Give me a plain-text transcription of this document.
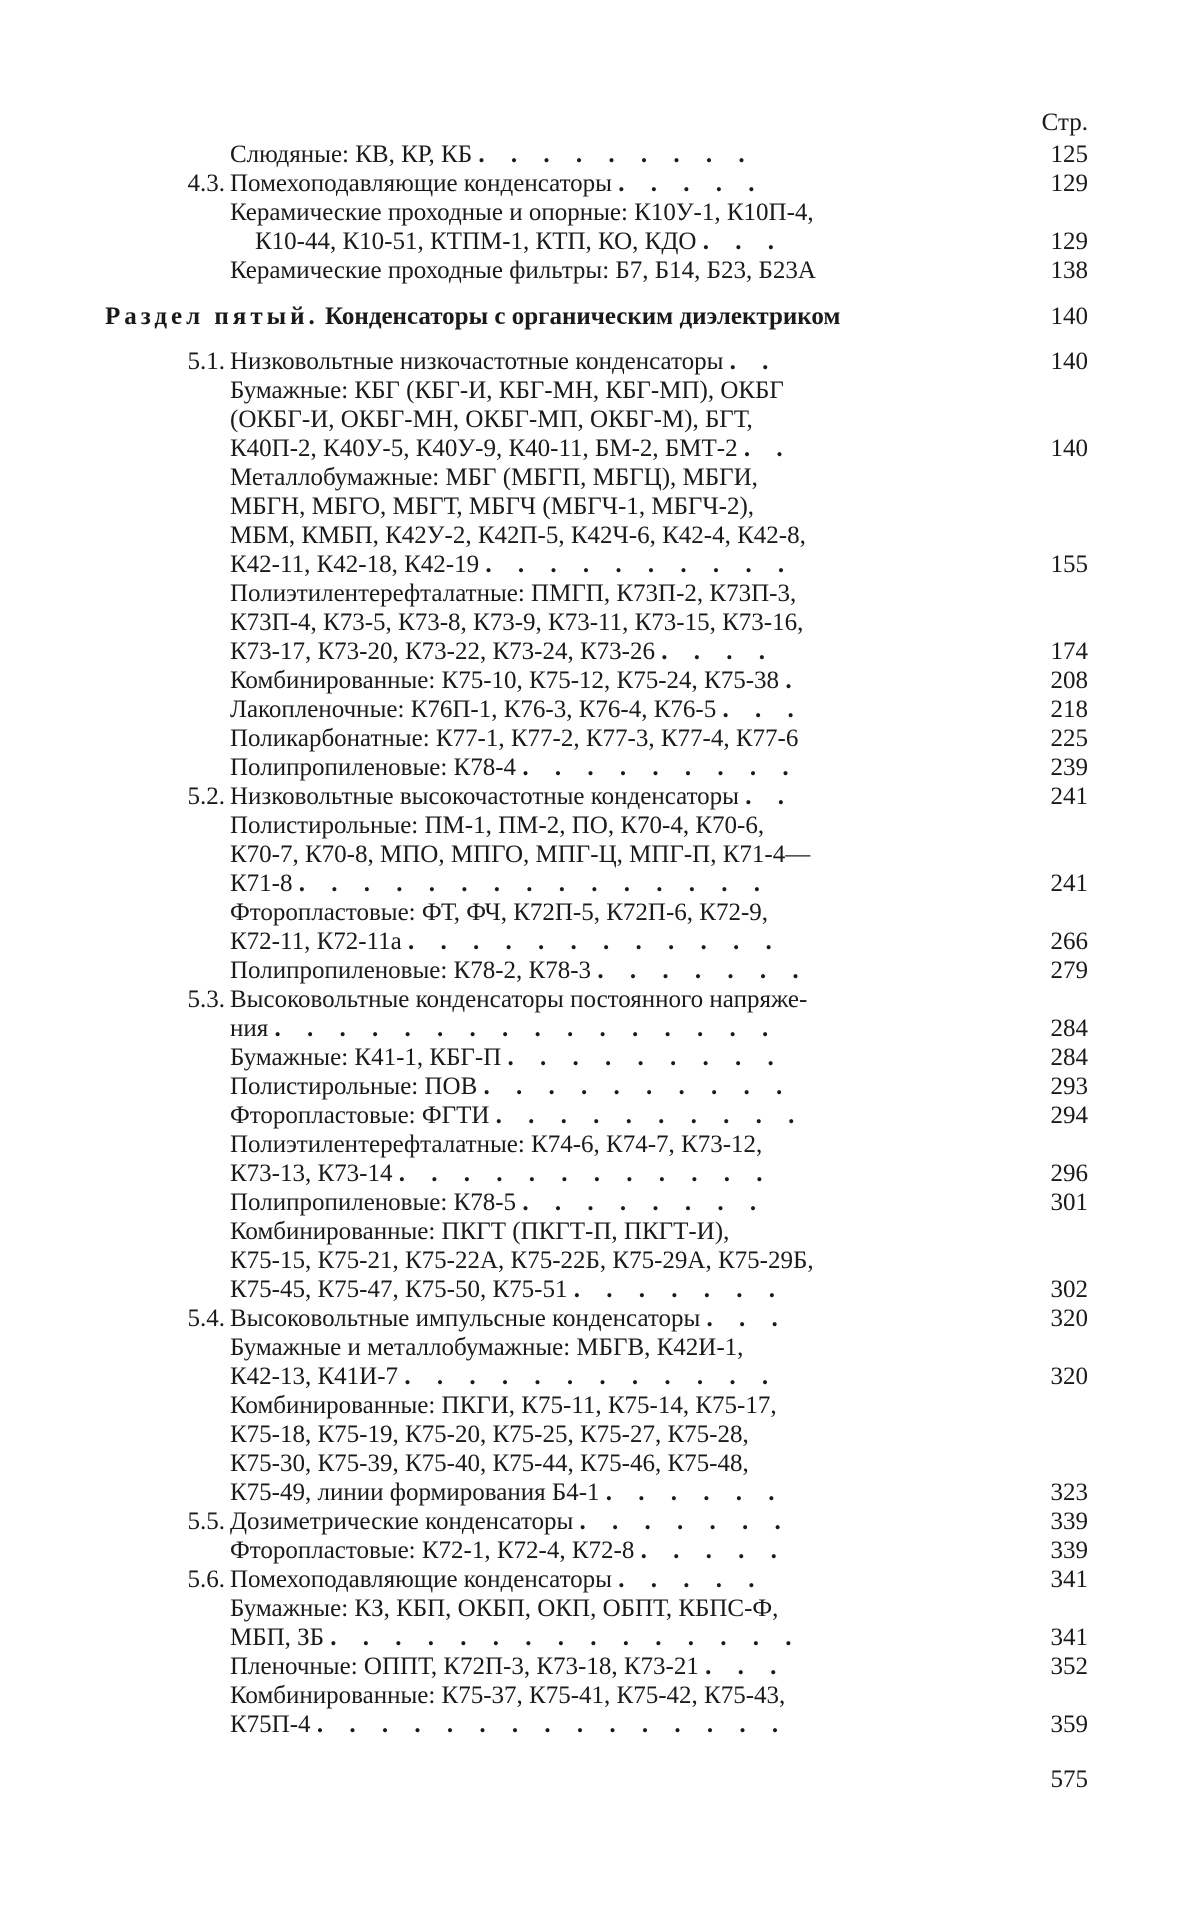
Стр.
Слюдяные: КВ, КР, КБ . . . . . . . . .	125
4.3. Помехоподавляющие конденсаторы . . . . .	129
Керамические проходные и опорные: К10У-1, К10П-4,
К10-44, К10-51, КТПМ-1, КТП, КО, КДО . . .	129
Керамические проходные фильтры: Б7, Б14, Б23, Б23А	138
Раздел пятый. Конденсаторы с органическим диэлектриком	140
5.1. Низковольтные низкочастотные конденсаторы . .	140
Бумажные: КБГ (КБГ-И, КБГ-МН, КБГ-МП), ОКБГ
(ОКБГ-И, ОКБГ-МН, ОКБГ-МП, ОКБГ-М), БГТ,
К40П-2, К40У-5, К40У-9, К40-11, БМ-2, БМТ-2 . .	140
Металлобумажные: МБГ (МБГП, МБГЦ), МБГИ,
МБГН, МБГО, МБГТ, МБГЧ (МБГЧ-1, МБГЧ-2),
МБМ, КМБП, К42У-2, К42П-5, К42Ч-6, К42-4, К42-8,
К42-11, К42-18, К42-19 . . . . . . . . . .	155
Полиэтилентерефталатные: ПМГП, К73П-2, К73П-3,
К73П-4, К73-5, К73-8, К73-9, К73-11, К73-15, К73-16,
К73-17, К73-20, К73-22, К73-24, К73-26 . . . .	174
Комбинированные: К75-10, К75-12, К75-24, К75-38 .	208
Лакопленочные: К76П-1, К76-3, К76-4, К76-5 . . .	218
Поликарбонатные: К77-1, К77-2, К77-3, К77-4, К77-6	225
Полипропиленовые: К78-4 . . . . . . . . .	239
5.2. Низковольтные высокочастотные конденсаторы . .	241
Полистирольные: ПМ-1, ПМ-2, ПО, К70-4, К70-6,
К70-7, К70-8, МПО, МПГО, МПГ-Ц, МПГ-П, К71-4—
К71-8 . . . . . . . . . . . . . . .	241
Фторопластовые: ФТ, ФЧ, К72П-5, К72П-6, К72-9,
К72-11, К72-11а . . . . . . . . . . . .	266
Полипропиленовые: К78-2, К78-3 . . . . . . .	279
5.3. Высоковольтные конденсаторы постоянного напряже-
ния . . . . . . . . . . . . . . . .	284
Бумажные: К41-1, КБГ-П . . . . . . . . .	284
Полистирольные: ПОВ . . . . . . . . . .	293
Фторопластовые: ФГТИ . . . . . . . . . .	294
Полиэтилентерефталатные: К74-6, К74-7, К73-12,
К73-13, К73-14 . . . . . . . . . . . .	296
Полипропиленовые: К78-5 . . . . . . . .	301
Комбинированные: ПКГТ (ПКГТ-П, ПКГТ-И),
К75-15, К75-21, К75-22А, К75-22Б, К75-29А, К75-29Б,
К75-45, К75-47, К75-50, К75-51 . . . . . . .	302
5.4. Высоковольтные импульсные конденсаторы . . .	320
Бумажные и металлобумажные: МБГВ, К42И-1,
К42-13, К41И-7 . . . . . . . . . . . .	320
Комбинированные: ПКГИ, К75-11, К75-14, К75-17,
К75-18, К75-19, К75-20, К75-25, К75-27, К75-28,
К75-30, К75-39, К75-40, К75-44, К75-46, К75-48,
К75-49, линии формирования Б4-1 . . . . . .	323
5.5. Дозиметрические конденсаторы . . . . . . .	339
Фторопластовые: К72-1, К72-4, К72-8 . . . . .	339
5.6. Помехоподавляющие конденсаторы . . . . .	341
Бумажные: КЗ, КБП, ОКБП, ОКП, ОБПТ, КБПС-Ф,
МБП, ЗБ . . . . . . . . . . . . . . .	341
Пленочные: ОППТ, К72П-3, К73-18, К73-21 . . .	352
Комбинированные: К75-37, К75-41, К75-42, К75-43,
К75П-4 . . . . . . . . . . . . . . .	359
575
